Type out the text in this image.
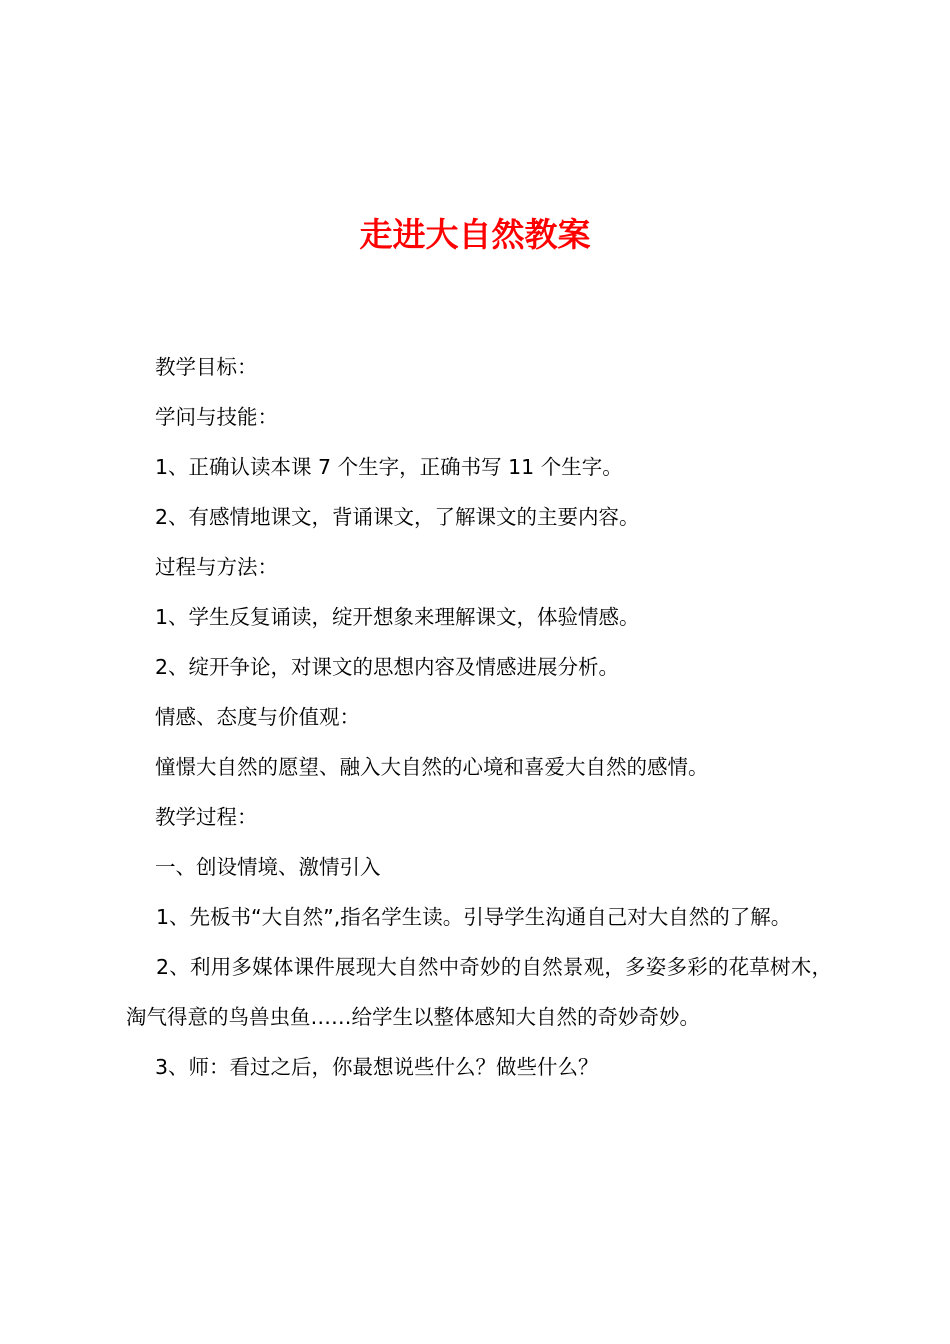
走进大自然教案

教学目标：

学问与技能：

1、正确认读本课 7 个生字，正确书写 11 个生字。

2、有感情地课文，背诵课文，了解课文的主要内容。

过程与方法：

1、学生反复诵读，绽开想象来理解课文，体验情感。

2、绽开争论，对课文的思想内容及情感进展分析。

情感、态度与价值观：

憧憬大自然的愿望、融入大自然的心境和喜爱大自然的感情。

教学过程：

一、创设情境、激情引入

1、先板书“大自然”,指名学生读。引导学生沟通自己对大自然的了解。

2、利用多媒体课件展现大自然中奇妙的自然景观，多姿多彩的花草树木，淘气得意的鸟兽虫鱼……给学生以整体感知大自然的奇妙奇妙。

3、师：看过之后，你最想说些什么？做些什么？
